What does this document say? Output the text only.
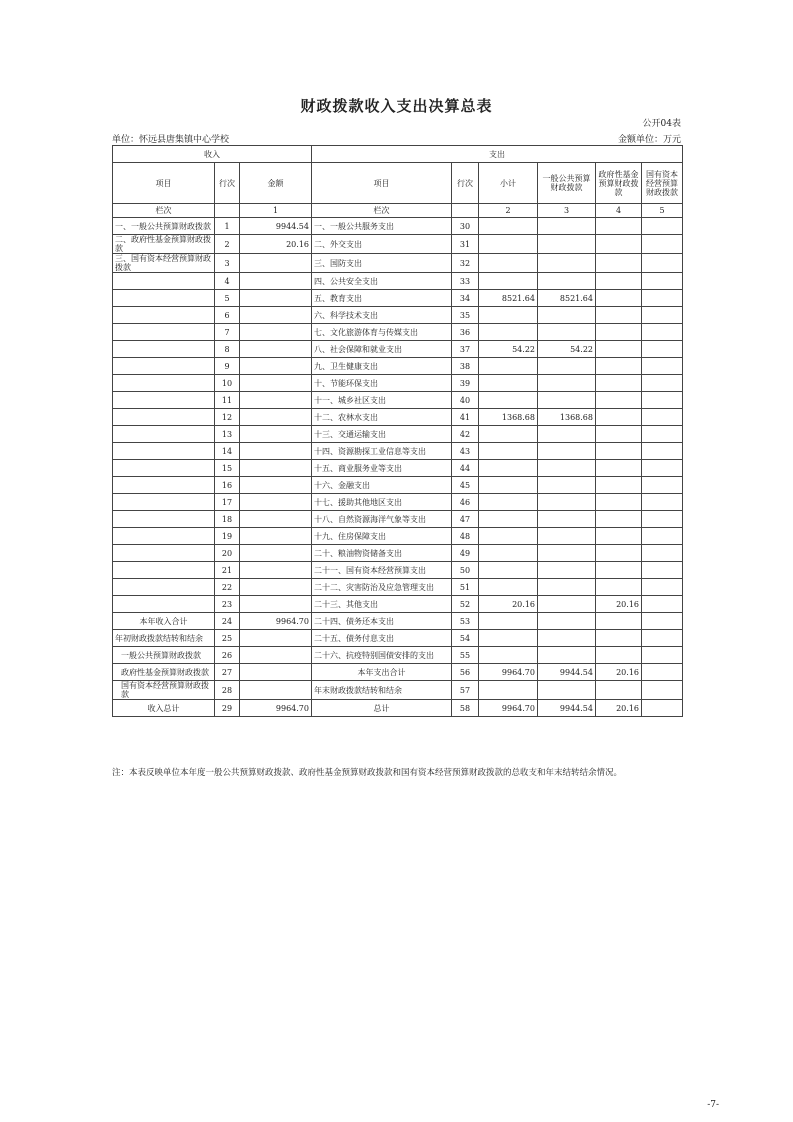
财政拨款收入支出决算总表
公开04表
单位：怀远县唐集镇中心学校	金额单位：万元
收入			支出					
项目	行次	金额	项目	行次	小计	一般公共预算财政拨款	政府性基金预算财政拨款	国有资本经营预算财政拨款
栏次		1	栏次		2	3	4	5
一、一般公共预算财政拨款	1	9944.54	一、一般公共服务支出	30				
二、政府性基金预算财政拨款	2	20.16	二、外交支出	31				
三、国有资本经营预算财政拨款	3		三、国防支出	32				
	4		四、公共安全支出	33				
	5		五、教育支出	34	8521.64	8521.64		
	6		六、科学技术支出	35				
	7		七、文化旅游体育与传媒支出	36				
	8		八、社会保障和就业支出	37	54.22	54.22		
	9		九、卫生健康支出	38				
	10		十、节能环保支出	39				
	11		十一、城乡社区支出	40				
	12		十二、农林水支出	41	1368.68	1368.68		
	13		十三、交通运输支出	42				
	14		十四、资源勘探工业信息等支出	43				
	15		十五、商业服务业等支出	44				
	16		十六、金融支出	45				
	17		十七、援助其他地区支出	46				
	18		十八、自然资源海洋气象等支出	47				
	19		十九、住房保障支出	48				
	20		二十、粮油物资储备支出	49				
	21		二十一、国有资本经营预算支出	50				
	22		二十二、灾害防治及应急管理支出	51				
	23		二十三、其他支出	52	20.16		20.16	
本年收入合计	24	9964.70	二十四、债务还本支出	53				
年初财政拨款结转和结余	25		二十五、债务付息支出	54				
一般公共预算财政拨款	26		二十六、抗疫特别国债安排的支出	55				
政府性基金预算财政拨款	27		本年支出合计	56	9964.70	9944.54	20.16	
国有资本经营预算财政拨款	28		年末财政拨款结转和结余	57				
收入总计	29	9964.70	总计	58	9964.70	9944.54	20.16	
注：本表反映单位本年度一般公共预算财政拨款、政府性基金预算财政拨款和国有资本经营预算财政拨款的总收支和年末结转结余情况。
-7-
